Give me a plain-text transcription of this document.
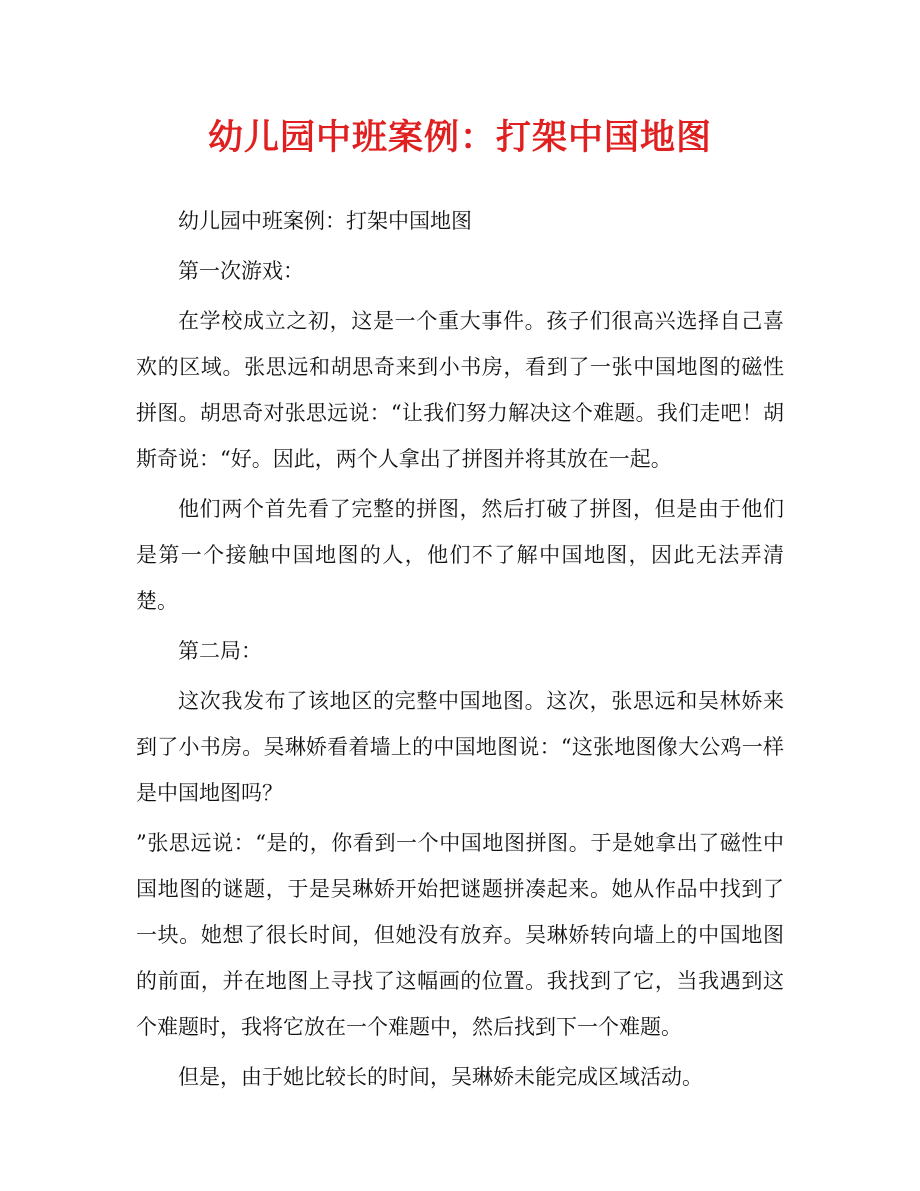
幼儿园中班案例：打架中国地图

幼儿园中班案例：打架中国地图

第一次游戏：

在学校成立之初，这是一个重大事件。孩子们很高兴选择自己喜欢的区域。张思远和胡思奇来到小书房，看到了一张中国地图的磁性拼图。胡思奇对张思远说：“让我们努力解决这个难题。我们走吧！胡斯奇说：“好。因此，两个人拿出了拼图并将其放在一起。

他们两个首先看了完整的拼图，然后打破了拼图，但是由于他们是第一个接触中国地图的人，他们不了解中国地图，因此无法弄清楚。

第二局：

这次我发布了该地区的完整中国地图。这次，张思远和吴林娇来到了小书房。吴琳娇看着墙上的中国地图说：“这张地图像大公鸡一样是中国地图吗？

”张思远说：“是的，你看到一个中国地图拼图。于是她拿出了磁性中国地图的谜题，于是吴琳娇开始把谜题拼凑起来。她从作品中找到了一块。她想了很长时间，但她没有放弃。吴琳娇转向墙上的中国地图的前面，并在地图上寻找了这幅画的位置。我找到了它，当我遇到这个难题时，我将它放在一个难题中，然后找到下一个难题。

但是，由于她比较长的时间，吴琳娇未能完成区域活动。
